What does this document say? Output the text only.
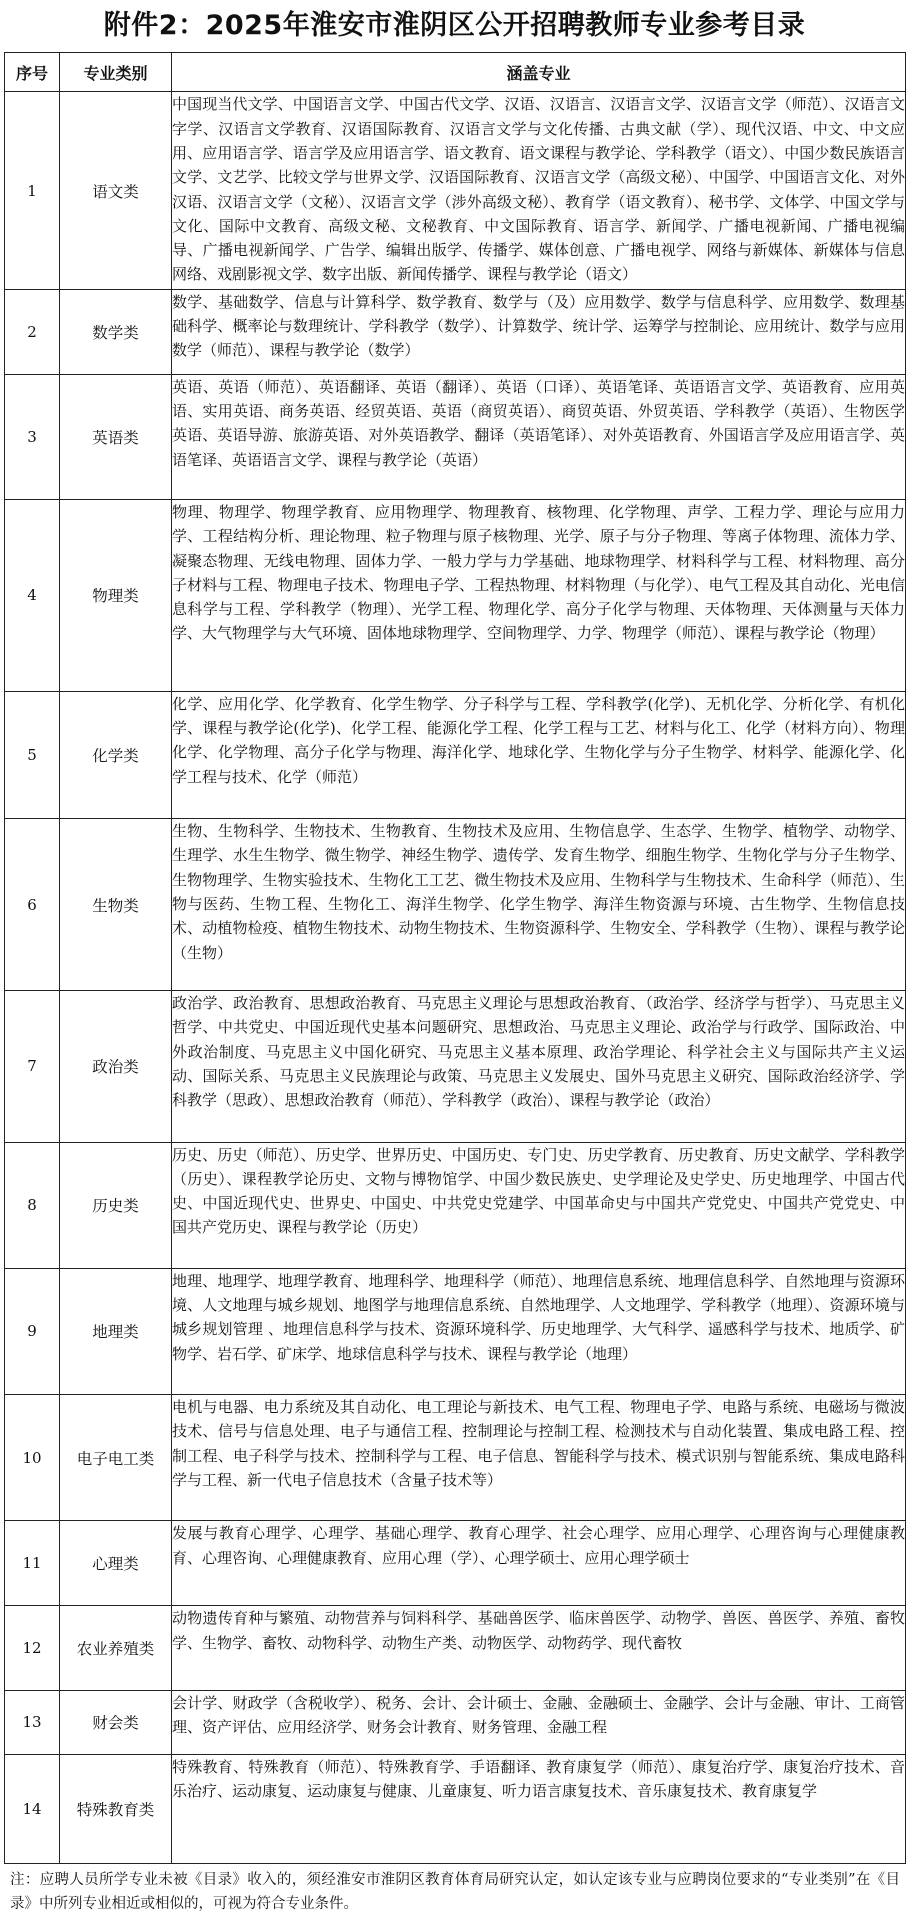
附件2：2025年淮安市淮阴区公开招聘教师专业参考目录
序号	专业类别	涵盖专业
1	语文类	中国现当代文学、中国语言文学、中国古代文学、汉语、汉语言、汉语言文学、汉语言文学（师范）、汉语言文字学、汉语言文学教育、汉语国际教育、汉语言文学与文化传播、古典文献（学）、现代汉语、中文、中文应用、应用语言学、语言学及应用语言学、语文教育、语文课程与教学论、学科教学（语文）、中国少数民族语言文学、文艺学、比较文学与世界文学、汉语国际教育、汉语言文学（高级文秘）、中国学、中国语言文化、对外汉语、汉语言文学（文秘）、汉语言文学（涉外高级文秘）、教育学（语文教育）、秘书学、文体学、中国文学与文化、国际中文教育、高级文秘、文秘教育、中文国际教育、语言学、新闻学、广播电视新闻、广播电视编导、广播电视新闻学、广告学、编辑出版学、传播学、媒体创意、广播电视学、网络与新媒体、新媒体与信息网络、戏剧影视文学、数字出版、新闻传播学、课程与教学论（语文）
2	数学类	数学、基础数学、信息与计算科学、数学教育、数学与（及）应用数学、数学与信息科学、应用数学、数理基础科学、概率论与数理统计、学科教学（数学）、计算数学、统计学、运筹学与控制论、应用统计、数学与应用数学（师范）、课程与教学论（数学）
3	英语类	英语、英语（师范）、英语翻译、英语（翻译）、英语（口译）、英语笔译、英语语言文学、英语教育、应用英语、实用英语、商务英语、经贸英语、英语（商贸英语）、商贸英语、外贸英语、学科教学（英语）、生物医学英语、英语导游、旅游英语、对外英语教学、翻译（英语笔译）、对外英语教育、外国语言学及应用语言学、英语笔译、英语语言文学、课程与教学论（英语）
4	物理类	物理、物理学、物理学教育、应用物理学、物理教育、核物理、化学物理、声学、工程力学、理论与应用力学、工程结构分析、理论物理、粒子物理与原子核物理、光学、原子与分子物理、等离子体物理、流体力学、凝聚态物理、无线电物理、固体力学、一般力学与力学基础、地球物理学、材料科学与工程、材料物理、高分子材料与工程、物理电子技术、物理电子学、工程热物理、材料物理（与化学）、电气工程及其自动化、光电信息科学与工程、学科教学（物理）、光学工程、物理化学、高分子化学与物理、天体物理、天体测量与天体力学、大气物理学与大气环境、固体地球物理学、空间物理学、力学、物理学（师范）、课程与教学论（物理）
5	化学类	化学、应用化学、化学教育、化学生物学、分子科学与工程、学科教学(化学)、无机化学、分析化学、有机化学、课程与教学论(化学)、化学工程、能源化学工程、化学工程与工艺、材料与化工、化学（材料方向）、物理化学、化学物理、高分子化学与物理、海洋化学、地球化学、生物化学与分子生物学、材料学、能源化学、化学工程与技术、化学（师范）
6	生物类	生物、生物科学、生物技术、生物教育、生物技术及应用、生物信息学、生态学、生物学、植物学、动物学、生理学、水生生物学、微生物学、神经生物学、遗传学、发育生物学、细胞生物学、生物化学与分子生物学、生物物理学、生物实验技术、生物化工工艺、微生物技术及应用、生物科学与生物技术、生命科学（师范）、生物与医药、生物工程、生物化工、海洋生物学、化学生物学、海洋生物资源与环境、古生物学、生物信息技术、动植物检疫、植物生物技术、动物生物技术、生物资源科学、生物安全、学科教学（生物）、课程与教学论（生物）
7	政治类	政治学、政治教育、思想政治教育、马克思主义理论与思想政治教育、（政治学、经济学与哲学）、马克思主义哲学、中共党史、中国近现代史基本问题研究、思想政治、马克思主义理论、政治学与行政学、国际政治、中外政治制度、马克思主义中国化研究、马克思主义基本原理、政治学理论、科学社会主义与国际共产主义运动、国际关系、马克思主义民族理论与政策、马克思主义发展史、国外马克思主义研究、国际政治经济学、学科教学（思政）、思想政治教育（师范）、学科教学（政治）、课程与教学论（政治）
8	历史类	历史、历史（师范）、历史学、世界历史、中国历史、专门史、历史学教育、历史教育、历史文献学、学科教学（历史）、课程教学论历史、文物与博物馆学、中国少数民族史、史学理论及史学史、历史地理学、中国古代史、中国近现代史、世界史、中国史、中共党史党建学、中国革命史与中国共产党党史、中国共产党党史、中国共产党历史、课程与教学论（历史）
9	地理类	地理、地理学、地理学教育、地理科学、地理科学（师范）、地理信息系统、地理信息科学、自然地理与资源环境、人文地理与城乡规划、地图学与地理信息系统、自然地理学、人文地理学、学科教学（地理）、资源环境与城乡规划管理 、地理信息科学与技术、资源环境科学、历史地理学、大气科学、遥感科学与技术、地质学、矿物学、岩石学、矿床学、地球信息科学与技术、课程与教学论（地理）
10	电子电工类	电机与电器、电力系统及其自动化、电工理论与新技术、电气工程、物理电子学、电路与系统、电磁场与微波技术、信号与信息处理、电子与通信工程、控制理论与控制工程、检测技术与自动化装置、集成电路工程、控制工程、电子科学与技术、控制科学与工程、电子信息、智能科学与技术、模式识别与智能系统、集成电路科学与工程、新一代电子信息技术（含量子技术等）
11	心理类	发展与教育心理学、心理学、基础心理学、教育心理学、社会心理学、应用心理学、心理咨询与心理健康教育、心理咨询、心理健康教育、应用心理（学）、心理学硕士、应用心理学硕士
12	农业养殖类	动物遗传育种与繁殖、动物营养与饲料科学、基础兽医学、临床兽医学、动物学、兽医、兽医学、养殖、畜牧学、生物学、畜牧、动物科学、动物生产类、动物医学、动物药学、现代畜牧
13	财会类	会计学、财政学（含税收学）、税务、会计、会计硕士、金融、金融硕士、金融学、会计与金融、审计、工商管理、资产评估、应用经济学、财务会计教育、财务管理、金融工程
14	特殊教育类	特殊教育、特殊教育（师范）、特殊教育学、手语翻译、教育康复学（师范）、康复治疗学、康复治疗技术、音乐治疗、运动康复、运动康复与健康、儿童康复、听力语言康复技术、音乐康复技术、教育康复学
注：应聘人员所学专业未被《目录》收入的，须经淮安市淮阴区教育体育局研究认定，如认定该专业与应聘岗位要求的“专业类别”在《目录》中所列专业相近或相似的，可视为符合专业条件。
